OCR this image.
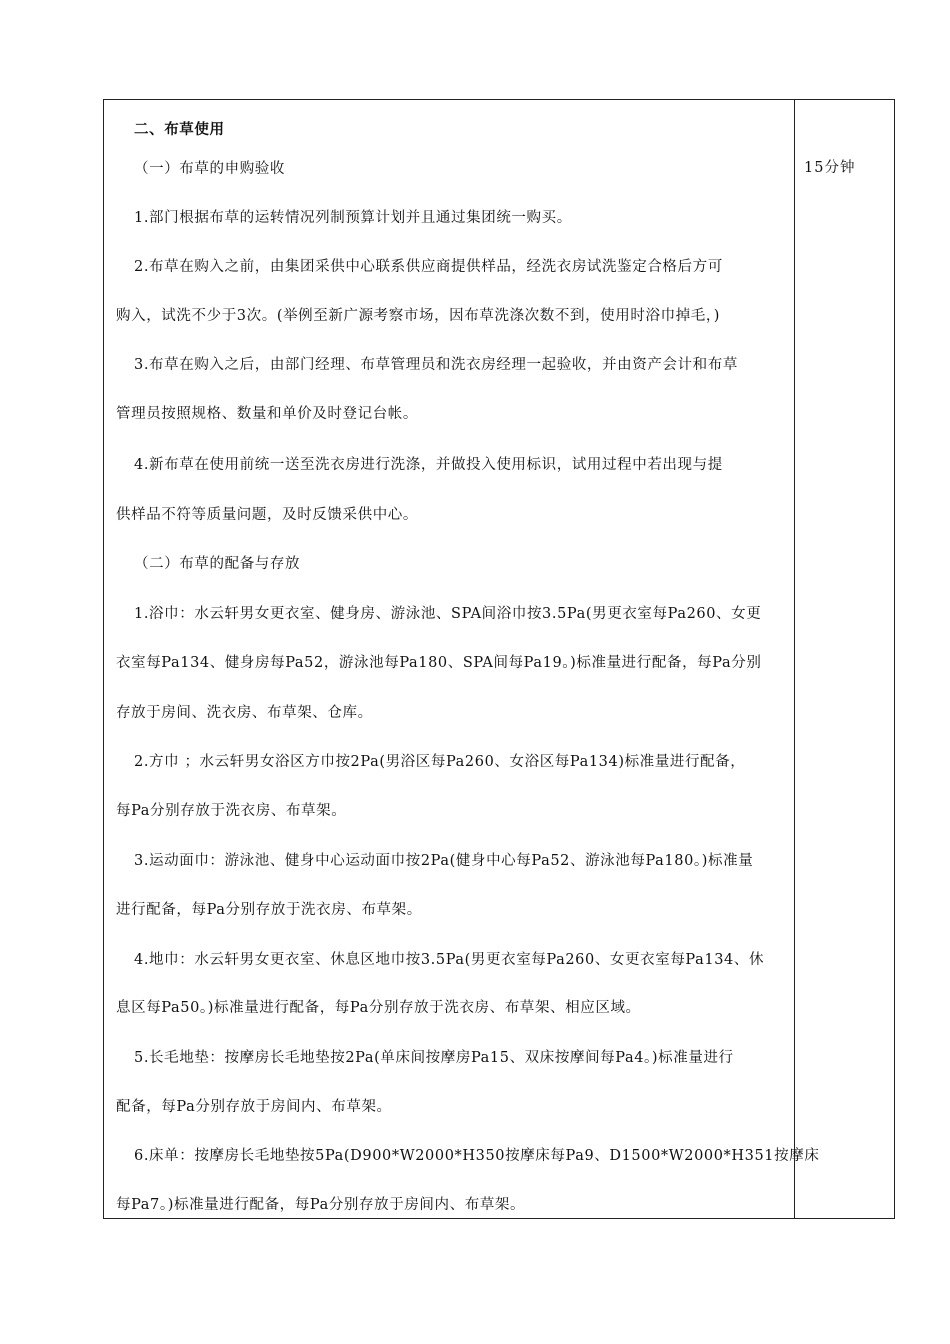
二、布草使用
（一）布草的申购验收
1.部门根据布草的运转情况列制预算计划并且通过集团统一购买。
2.布草在购入之前，由集团采供中心联系供应商提供样品，经洗衣房试洗鉴定合格后方可
购入，试洗不少于3次。(举例至新广源考察市场，因布草洗涤次数不到，使用时浴巾掉毛，)
3.布草在购入之后，由部门经理、布草管理员和洗衣房经理一起验收，并由资产会计和布草
管理员按照规格、数量和单价及时登记台帐。
4.新布草在使用前统一送至洗衣房进行洗涤，并做投入使用标识，试用过程中若出现与提
供样品不符等质量问题，及时反馈采供中心。
（二）布草的配备与存放
1.浴巾：水云轩男女更衣室、健身房、游泳池、SPA间浴巾按3.5Pa(男更衣室每Pa260、女更
衣室每Pa134、健身房每Pa52，游泳池每Pa180、SPA间每Pa19。)标准量进行配备，每Pa分别
存放于房间、洗衣房、布草架、仓库。
2.方巾 ；水云轩男女浴区方巾按2Pa(男浴区每Pa260、女浴区每Pa134)标准量进行配备，
每Pa分别存放于洗衣房、布草架。
3.运动面巾：游泳池、健身中心运动面巾按2Pa(健身中心每Pa52、游泳池每Pa180。)标准量
进行配备，每Pa分别存放于洗衣房、布草架。
4.地巾：水云轩男女更衣室、休息区地巾按3.5Pa(男更衣室每Pa260、女更衣室每Pa134、休
息区每Pa50。)标准量进行配备，每Pa分别存放于洗衣房、布草架、相应区域。
5.长毛地垫：按摩房长毛地垫按2Pa(单床间按摩房Pa15、双床按摩间每Pa4。)标准量进行
配备，每Pa分别存放于房间内、布草架。
6.床单：按摩房长毛地垫按5Pa(D900*W2000*H350按摩床每Pa9、D1500*W2000*H351按摩床
每Pa7。)标准量进行配备，每Pa分别存放于房间内、布草架。
15分钟
